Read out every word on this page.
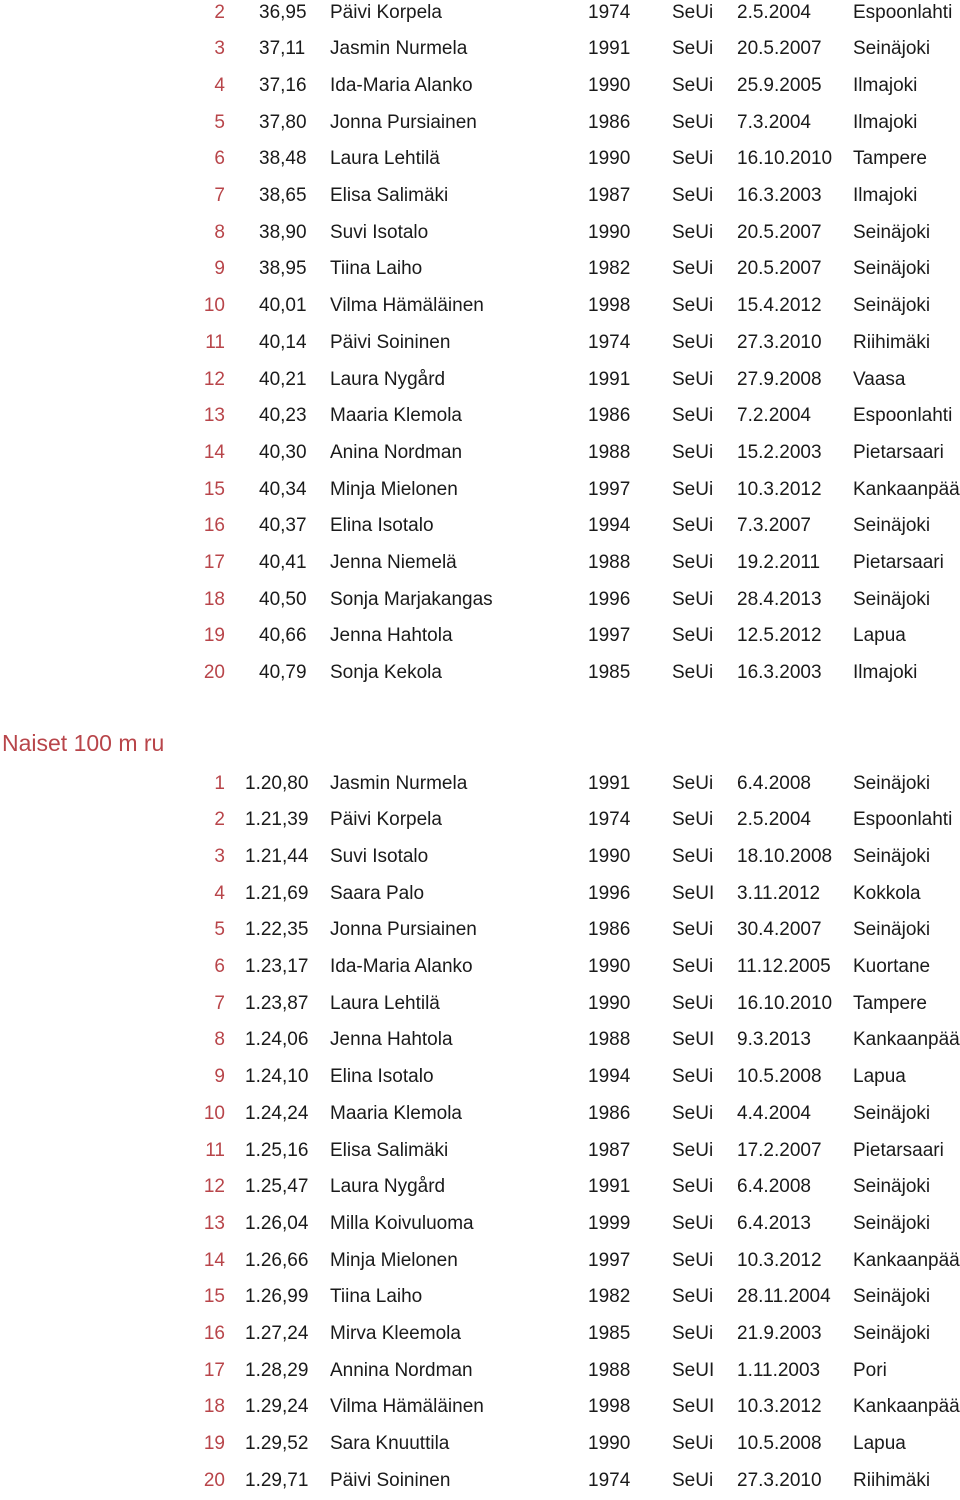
2 36,95 Päivi Korpela	1974 SeUi 2.5.2004 Espoonlahti
3 37,11 Jasmin Nurmela	1991 SeUi 20.5.2007 Seinäjoki
4 37,16 Ida-Maria Alanko	1990 SeUi 25.9.2005 Ilmajoki
5 37,80 Jonna Pursiainen	1986 SeUi 7.3.2004 Ilmajoki
6 38,48 Laura Lehtilä	1990 SeUi 16.10.2010 Tampere
7 38,65 Elisa Salimäki	1987 SeUi 16.3.2003 Ilmajoki
8 38,90 Suvi Isotalo	1990 SeUi 20.5.2007 Seinäjoki
9 38,95 Tiina Laiho	1982 SeUi 20.5.2007 Seinäjoki
10 40,01 Vilma Hämäläinen	1998 SeUi 15.4.2012 Seinäjoki
11 40,14 Päivi Soininen	1974 SeUi 27.3.2010 Riihimäki
12 40,21 Laura Nygård	1991 SeUi 27.9.2008 Vaasa
13 40,23 Maaria Klemola	1986 SeUi 7.2.2004 Espoonlahti
14 40,30 Anina Nordman	1988 SeUi 15.2.2003 Pietarsaari
15 40,34 Minja Mielonen	1997 SeUi 10.3.2012 Kankaanpää
16 40,37 Elina Isotalo	1994 SeUi 7.3.2007 Seinäjoki
17 40,41 Jenna Niemelä	1988 SeUi 19.2.2011 Pietarsaari
18 40,50 Sonja Marjakangas	1996 SeUi 28.4.2013 Seinäjoki
19 40,66 Jenna Hahtola	1997 SeUi 12.5.2012 Lapua
20 40,79 Sonja Kekola	1985 SeUi 16.3.2003 Ilmajoki
Naiset 100 m ru
1 1.20,80 Jasmin Nurmela	1991 SeUi 6.4.2008 Seinäjoki
2 1.21,39 Päivi Korpela	1974 SeUi 2.5.2004 Espoonlahti
3 1.21,44 Suvi Isotalo	1990 SeUi 18.10.2008 Seinäjoki
4 1.21,69 Saara Palo	1996 SeUI 3.11.2012 Kokkola
5 1.22,35 Jonna Pursiainen	1986 SeUi 30.4.2007 Seinäjoki
6 1.23,17 Ida-Maria Alanko	1990 SeUi 11.12.2005 Kuortane
7 1.23,87 Laura Lehtilä	1990 SeUi 16.10.2010 Tampere
8 1.24,06 Jenna Hahtola	1988 SeUI 9.3.2013 Kankaanpää
9 1.24,10 Elina Isotalo	1994 SeUi 10.5.2008 Lapua
10 1.24,24 Maaria Klemola	1986 SeUi 4.4.2004 Seinäjoki
11 1.25,16 Elisa Salimäki	1987 SeUi 17.2.2007 Pietarsaari
12 1.25,47 Laura Nygård	1991 SeUi 6.4.2008 Seinäjoki
13 1.26,04 Milla Koivuluoma	1999 SeUi 6.4.2013 Seinäjoki
14 1.26,66 Minja Mielonen	1997 SeUi 10.3.2012 Kankaanpää
15 1.26,99 Tiina Laiho	1982 SeUi 28.11.2004 Seinäjoki
16 1.27,24 Mirva Kleemola	1985 SeUi 21.9.2003 Seinäjoki
17 1.28,29 Annina Nordman	1988 SeUI 1.11.2003 Pori
18 1.29,24 Vilma Hämäläinen	1998 SeUI 10.3.2012 Kankaanpää
19 1.29,52 Sara Knuuttila	1990 SeUi 10.5.2008 Lapua
20 1.29,71 Päivi Soininen	1974 SeUi 27.3.2010 Riihimäki
